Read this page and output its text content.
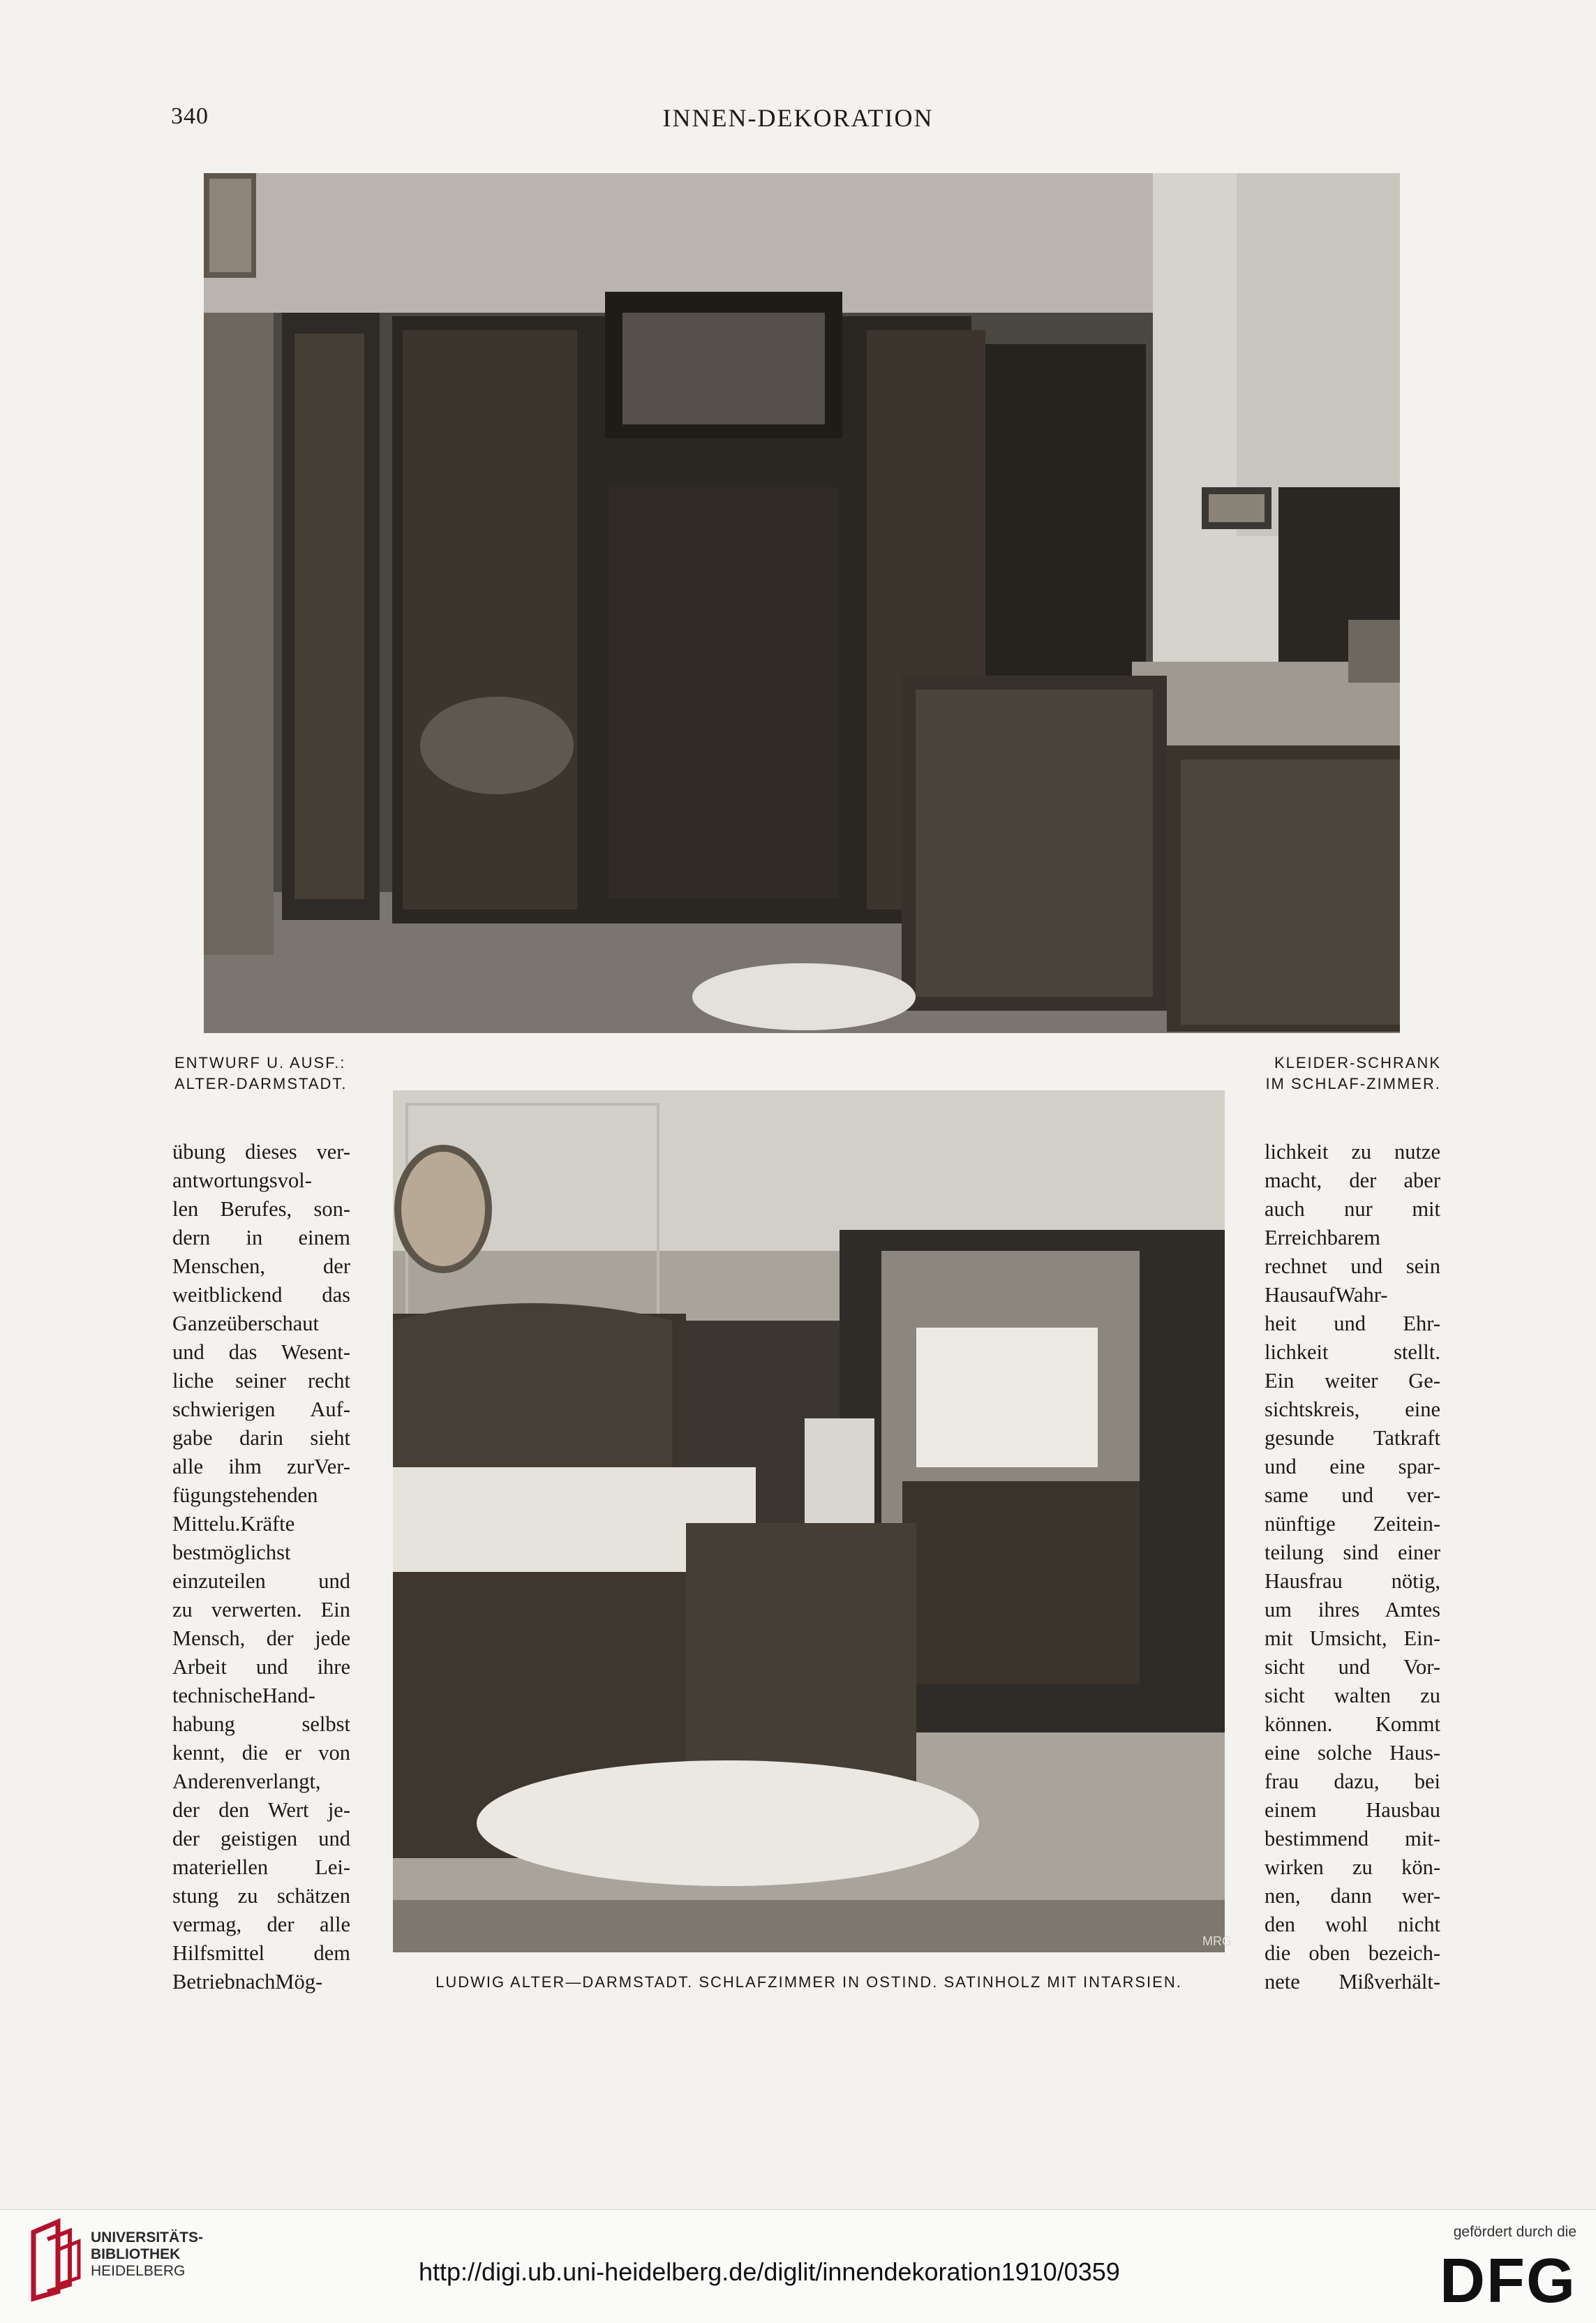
340	INNEN-DEKORATION
ENTWURF U. AUSF.:
ALTER-DARMSTADT.
KLEIDER-SCHRANK
IM SCHLAF-ZIMMER.
übung dieses ver-
antwortungsvol-
len Berufes, son-
dern in einem
Menschen, der
weitblickend das
Ganzeüberschaut
und das Wesent-
liche seiner recht
schwierigen Auf-
gabe darin sieht
alle ihm zurVer-
fügungstehenden
Mittelu.Kräfte
bestmöglichst
einzuteilen und
zu verwerten. Ein
Mensch, der jede
Arbeit und ihre
technischeHand-
habung selbst
kennt, die er von
Anderenverlangt,
der den Wert je-
der geistigen und
materiellen Lei-
stung zu schätzen
vermag, der alle
Hilfsmittel dem
BetriebnachMög-
MRG
LUDWIG ALTER—DARMSTADT. SCHLAFZIMMER IN OSTIND. SATINHOLZ MIT INTARSIEN.
lichkeit zu nutze
macht, der aber
auch nur mit
Erreichbarem
rechnet und sein
HausaufWahr-
heit und Ehr-
lichkeit stellt.
Ein weiter Ge-
sichtskreis, eine
gesunde Tatkraft
und eine spar-
same und ver-
nünftige Zeitein-
teilung sind einer
Hausfrau nötig,
um ihres Amtes
mit Umsicht, Ein-
sicht und Vor-
sicht walten zu
können. Kommt
eine solche Haus-
frau dazu, bei
einem Hausbau
bestimmend mit-
wirken zu kön-
nen, dann wer-
den wohl nicht
die oben bezeich-
nete Mißverhält-
UNIVERSITÄTS-
BIBLIOTHEK
HEIDELBERG	http://digi.ub.uni-heidelberg.de/diglit/innendekoration1910/0359
gefördert durch die
DFG
